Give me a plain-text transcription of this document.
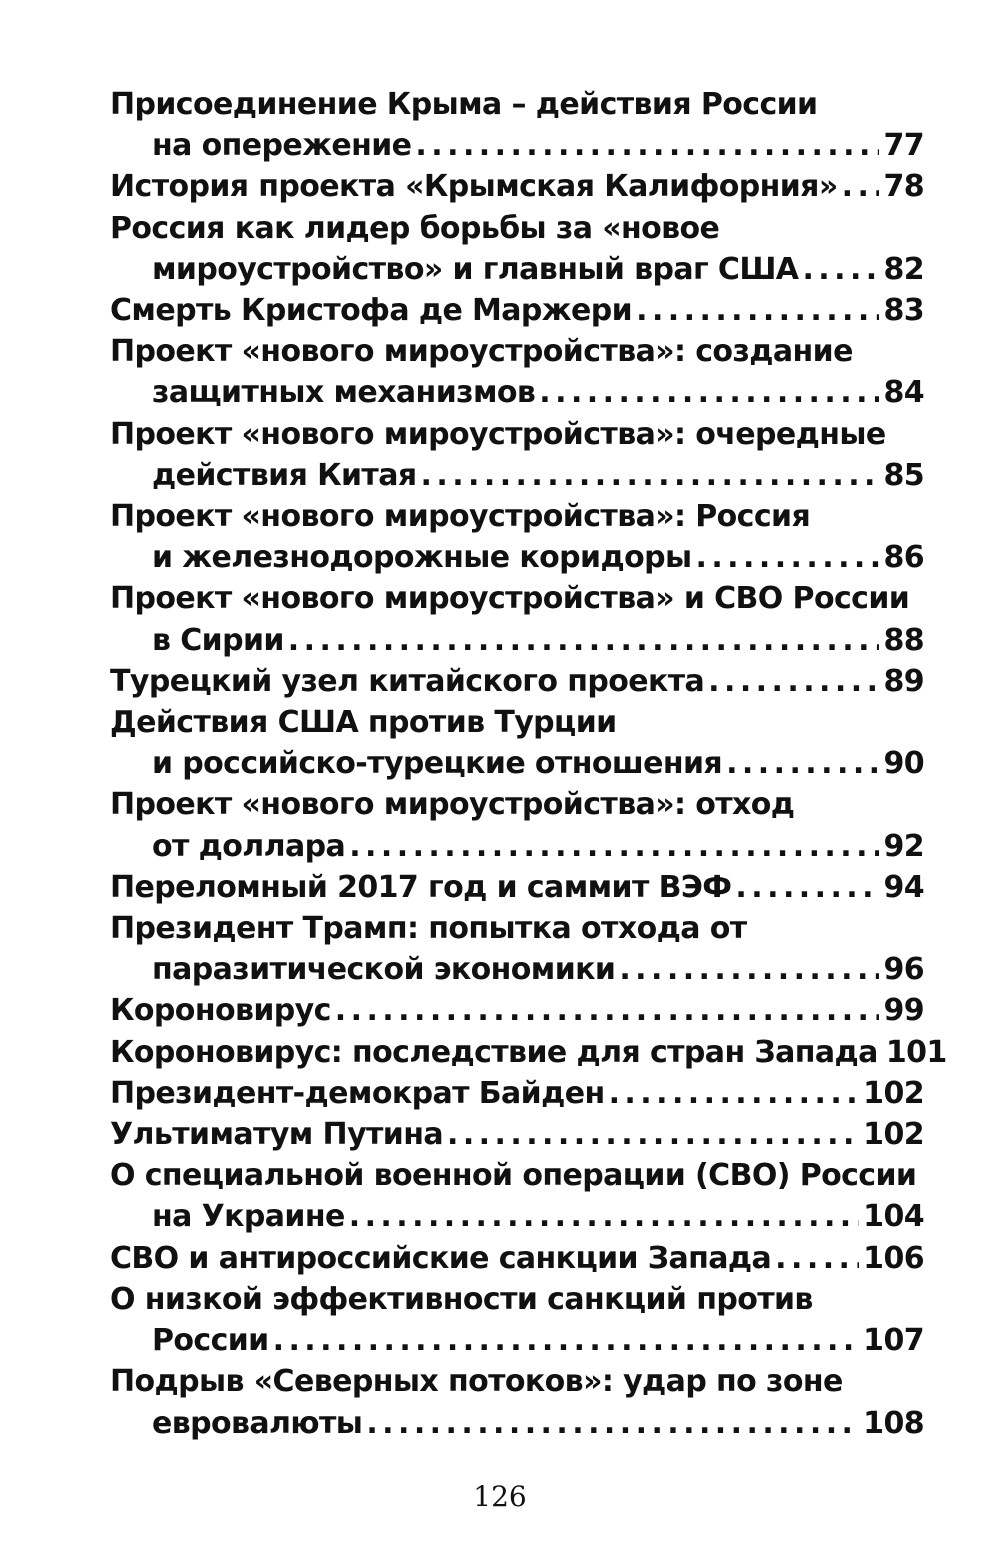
Присоединение Крыма – действия России
на опережение . . .	77
История проекта «Крымская Калифорния» . . . 78
Россия как лидер борьбы за «новое
мироустройство» и главный враг США . . .	82
Смерть Кристофа де Маржери . . .	83
Проект «нового мироустройства»: создание
защитных механизмов . . .	84
Проект «нового мироустройства»: очередные
действия Китая . . .	85
Проект «нового мироустройства»: Россия
и железнодорожные коридоры . . .	86
Проект «нового мироустройства» и СВО России
в Сирии . . .	88
Турецкий узел китайского проекта . . .	89
Действия США против Турции
и российско-турецкие отношения . . .	90
Проект «нового мироустройства»: отход
от доллара . . .	92
Переломный 2017 год и саммит ВЭФ . . .	94
Президент Трамп: попытка отхода от
паразитической экономики . . .	96
Короновирус . . .	99
Короновирус: последствие для стран Запада 101
Президент-демократ Байден . . .	102
Ультиматум Путина . . .	102
О специальной военной операции (СВО) России
на Украине . . .	104
СВО и антироссийские санкции Запада . . .	106
О низкой эффективности санкций против
России . . .	107
Подрыв «Северных потоков»: удар по зоне
евровалюты . . .	108
126
